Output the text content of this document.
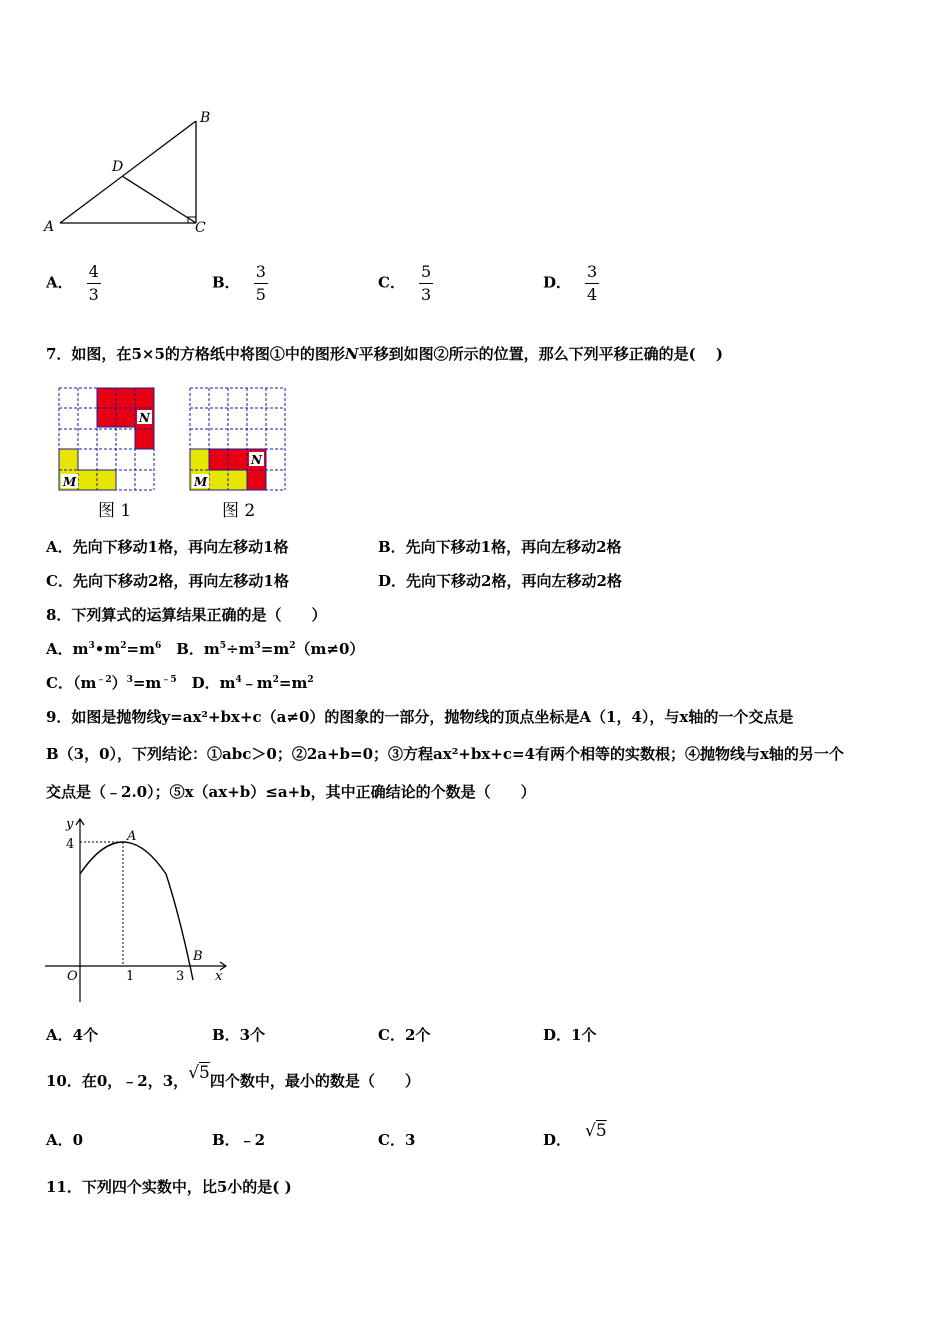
B
D
A	C
A． $\frac{4}{3}$	B． $\frac{3}{5}$	C． $\frac{5}{3}$	D． $\frac{3}{4}$
7．如图，在5×5的方格纸中将图①中的图形N平移到如图②所示的位置，那么下列平移正确的是(　 )
N
M
N
M
图 1	图 2
A．先向下移动1格，再向左移动1格	B．先向下移动1格，再向左移动2格
C．先向下移动2格，再向左移动1格	D．先向下移动2格，再向左移动2格
8．下列算式的运算结果正确的是（　　）
A．$m^3•m^2=m^6$　B．$m^5\div m^3=m^2(m\ne 0)$
C．$(m^{﹣2})^3=m^{﹣5}$　D．$m^4﹣m^2=m^2$
9．如图是抛物线y=ax²+bx+c（a≠0）的图象的一部分，抛物线的顶点坐标是A（1，4），与x轴的一个交点是
B（3，0），下列结论：①abc＞0；②2a+b=0；③方程ax²+bx+c=4有两个相等的实数根；④抛物线与x轴的另一个
交点是（﹣2.0）；⑤x（ax+b）≤a+b，其中正确结论的个数是（　　）
y
4
A
B
O	1	3 x
A．4个	B．3个	C．2个	D．1个
10．在0，﹣2，3，√5四个数中，最小的数是（　　）
A．0	B．﹣2	C．3	D． √5
11．下列四个实数中，比5小的是( )
